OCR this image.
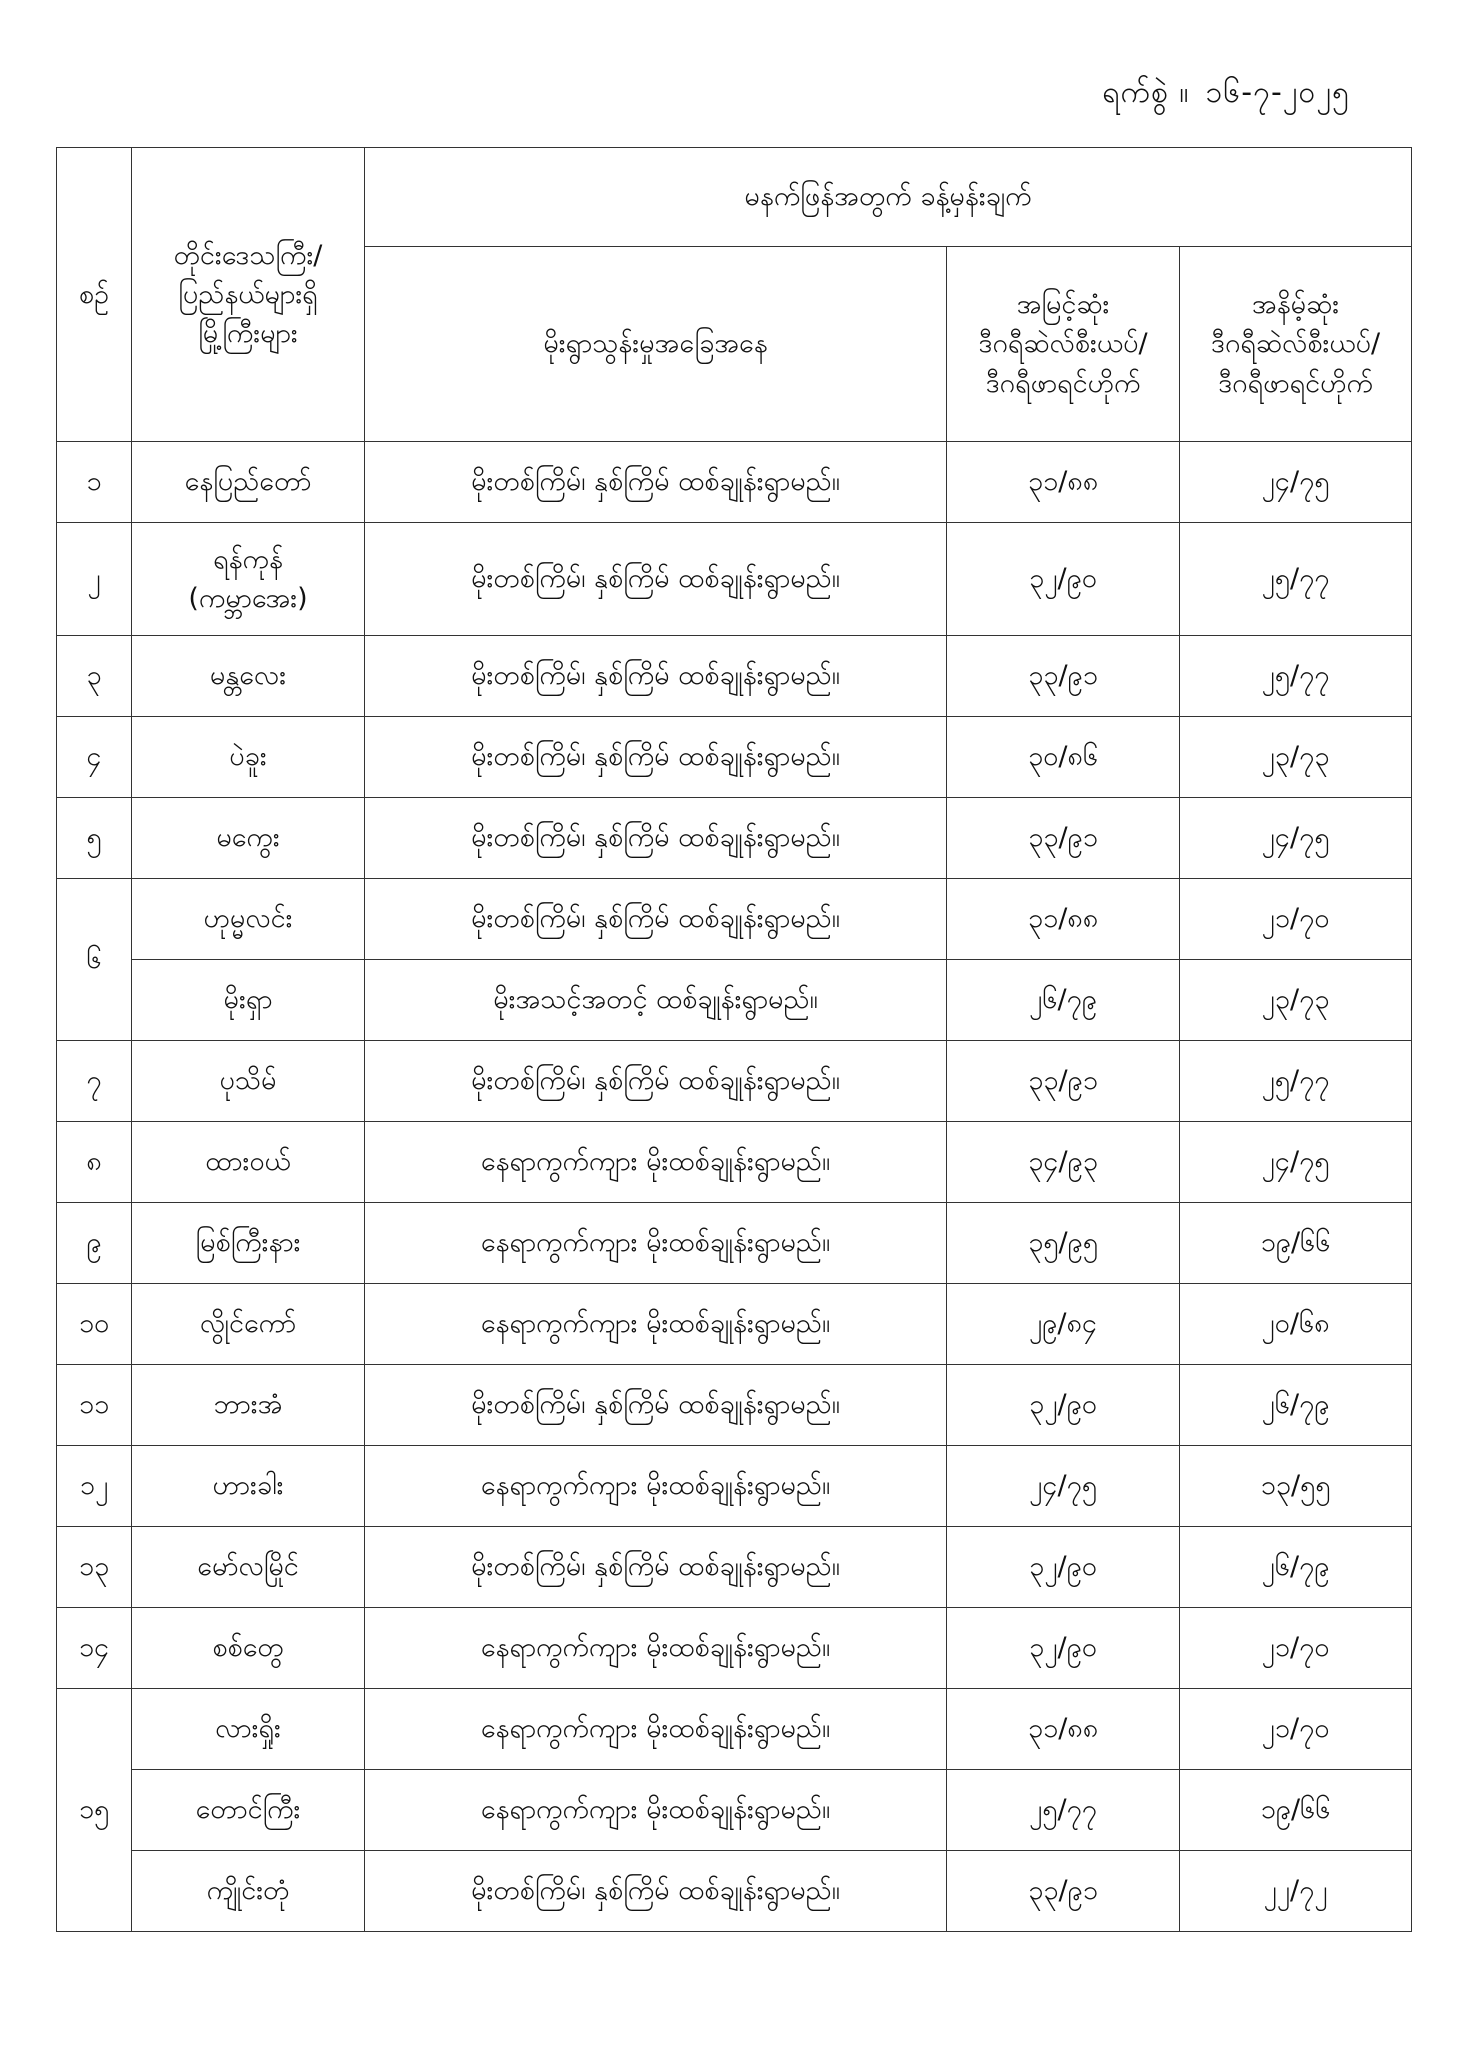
ရက်စွဲ ။ ၁၆-၇-၂၀၂၅
စဉ်	တိုင်းဒေသကြီး/
ပြည်နယ်များရှိ
မြို့ကြီးများ	မနက်ဖြန်အတွက် ခန့်မှန်းချက်		
		မိုးရွာသွန်းမှုအခြေအနေ	အမြင့်ဆုံး
ဒီဂရီဆဲလ်စီးယပ်/
ဒီဂရီဖာရင်ဟိုက်	အနိမ့်ဆုံး
ဒီဂရီဆဲလ်စီးယပ်/
ဒီဂရီဖာရင်ဟိုက်
၁	နေပြည်တော်	မိုးတစ်ကြိမ်၊ နှစ်ကြိမ် ထစ်ချုန်းရွာမည်။	၃၁/၈၈	၂၄/၇၅
၂	ရန်ကုန်
(ကမ္ဘာအေး)	မိုးတစ်ကြိမ်၊ နှစ်ကြိမ် ထစ်ချုန်းရွာမည်။	၃၂/၉၀	၂၅/၇၇
၃	မန္တလေး	မိုးတစ်ကြိမ်၊ နှစ်ကြိမ် ထစ်ချုန်းရွာမည်။	၃၃/၉၁	၂၅/၇၇
၄	ပဲခူး	မိုးတစ်ကြိမ်၊ နှစ်ကြိမ် ထစ်ချုန်းရွာမည်။	၃၀/၈၆	၂၃/၇၃
၅	မကွေး	မိုးတစ်ကြိမ်၊ နှစ်ကြိမ် ထစ်ချုန်းရွာမည်။	၃၃/၉၁	၂၄/၇၅
၆	ဟုမ္မလင်း	မိုးတစ်ကြိမ်၊ နှစ်ကြိမ် ထစ်ချုန်းရွာမည်။	၃၁/၈၈	၂၁/၇၀
	မိုးရှာ	မိုးအသင့်အတင့် ထစ်ချုန်းရွာမည်။	၂၆/၇၉	၂၃/၇၃
၇	ပုသိမ်	မိုးတစ်ကြိမ်၊ နှစ်ကြိမ် ထစ်ချုန်းရွာမည်။	၃၃/၉၁	၂၅/၇၇
၈	ထားဝယ်	နေရာကွက်ကျား မိုးထစ်ချုန်းရွာမည်။	၃၄/၉၃	၂၄/၇၅
၉	မြစ်ကြီးနား	နေရာကွက်ကျား မိုးထစ်ချုန်းရွာမည်။	၃၅/၉၅	၁၉/၆၆
၁၀	လွိုင်ကော်	နေရာကွက်ကျား မိုးထစ်ချုန်းရွာမည်။	၂၉/၈၄	၂၀/၆၈
၁၁	ဘားအံ	မိုးတစ်ကြိမ်၊ နှစ်ကြိမ် ထစ်ချုန်းရွာမည်။	၃၂/၉၀	၂၆/၇၉
၁၂	ဟားခါး	နေရာကွက်ကျား မိုးထစ်ချုန်းရွာမည်။	၂၄/၇၅	၁၃/၅၅
၁၃	မော်လမြိုင်	မိုးတစ်ကြိမ်၊ နှစ်ကြိမ် ထစ်ချုန်းရွာမည်။	၃၂/၉၀	၂၆/၇၉
၁၄	စစ်တွေ	နေရာကွက်ကျား မိုးထစ်ချုန်းရွာမည်။	၃၂/၉၀	၂၁/၇၀
၁၅	လားရှိုး	နေရာကွက်ကျား မိုးထစ်ချုန်းရွာမည်။	၃၁/၈၈	၂၁/၇၀
	တောင်ကြီး	နေရာကွက်ကျား မိုးထစ်ချုန်းရွာမည်။	၂၅/၇၇	၁၉/၆၆
	ကျိုင်းတုံ	မိုးတစ်ကြိမ်၊ နှစ်ကြိမ် ထစ်ချုန်းရွာမည်။	၃၃/၉၁	၂၂/၇၂
